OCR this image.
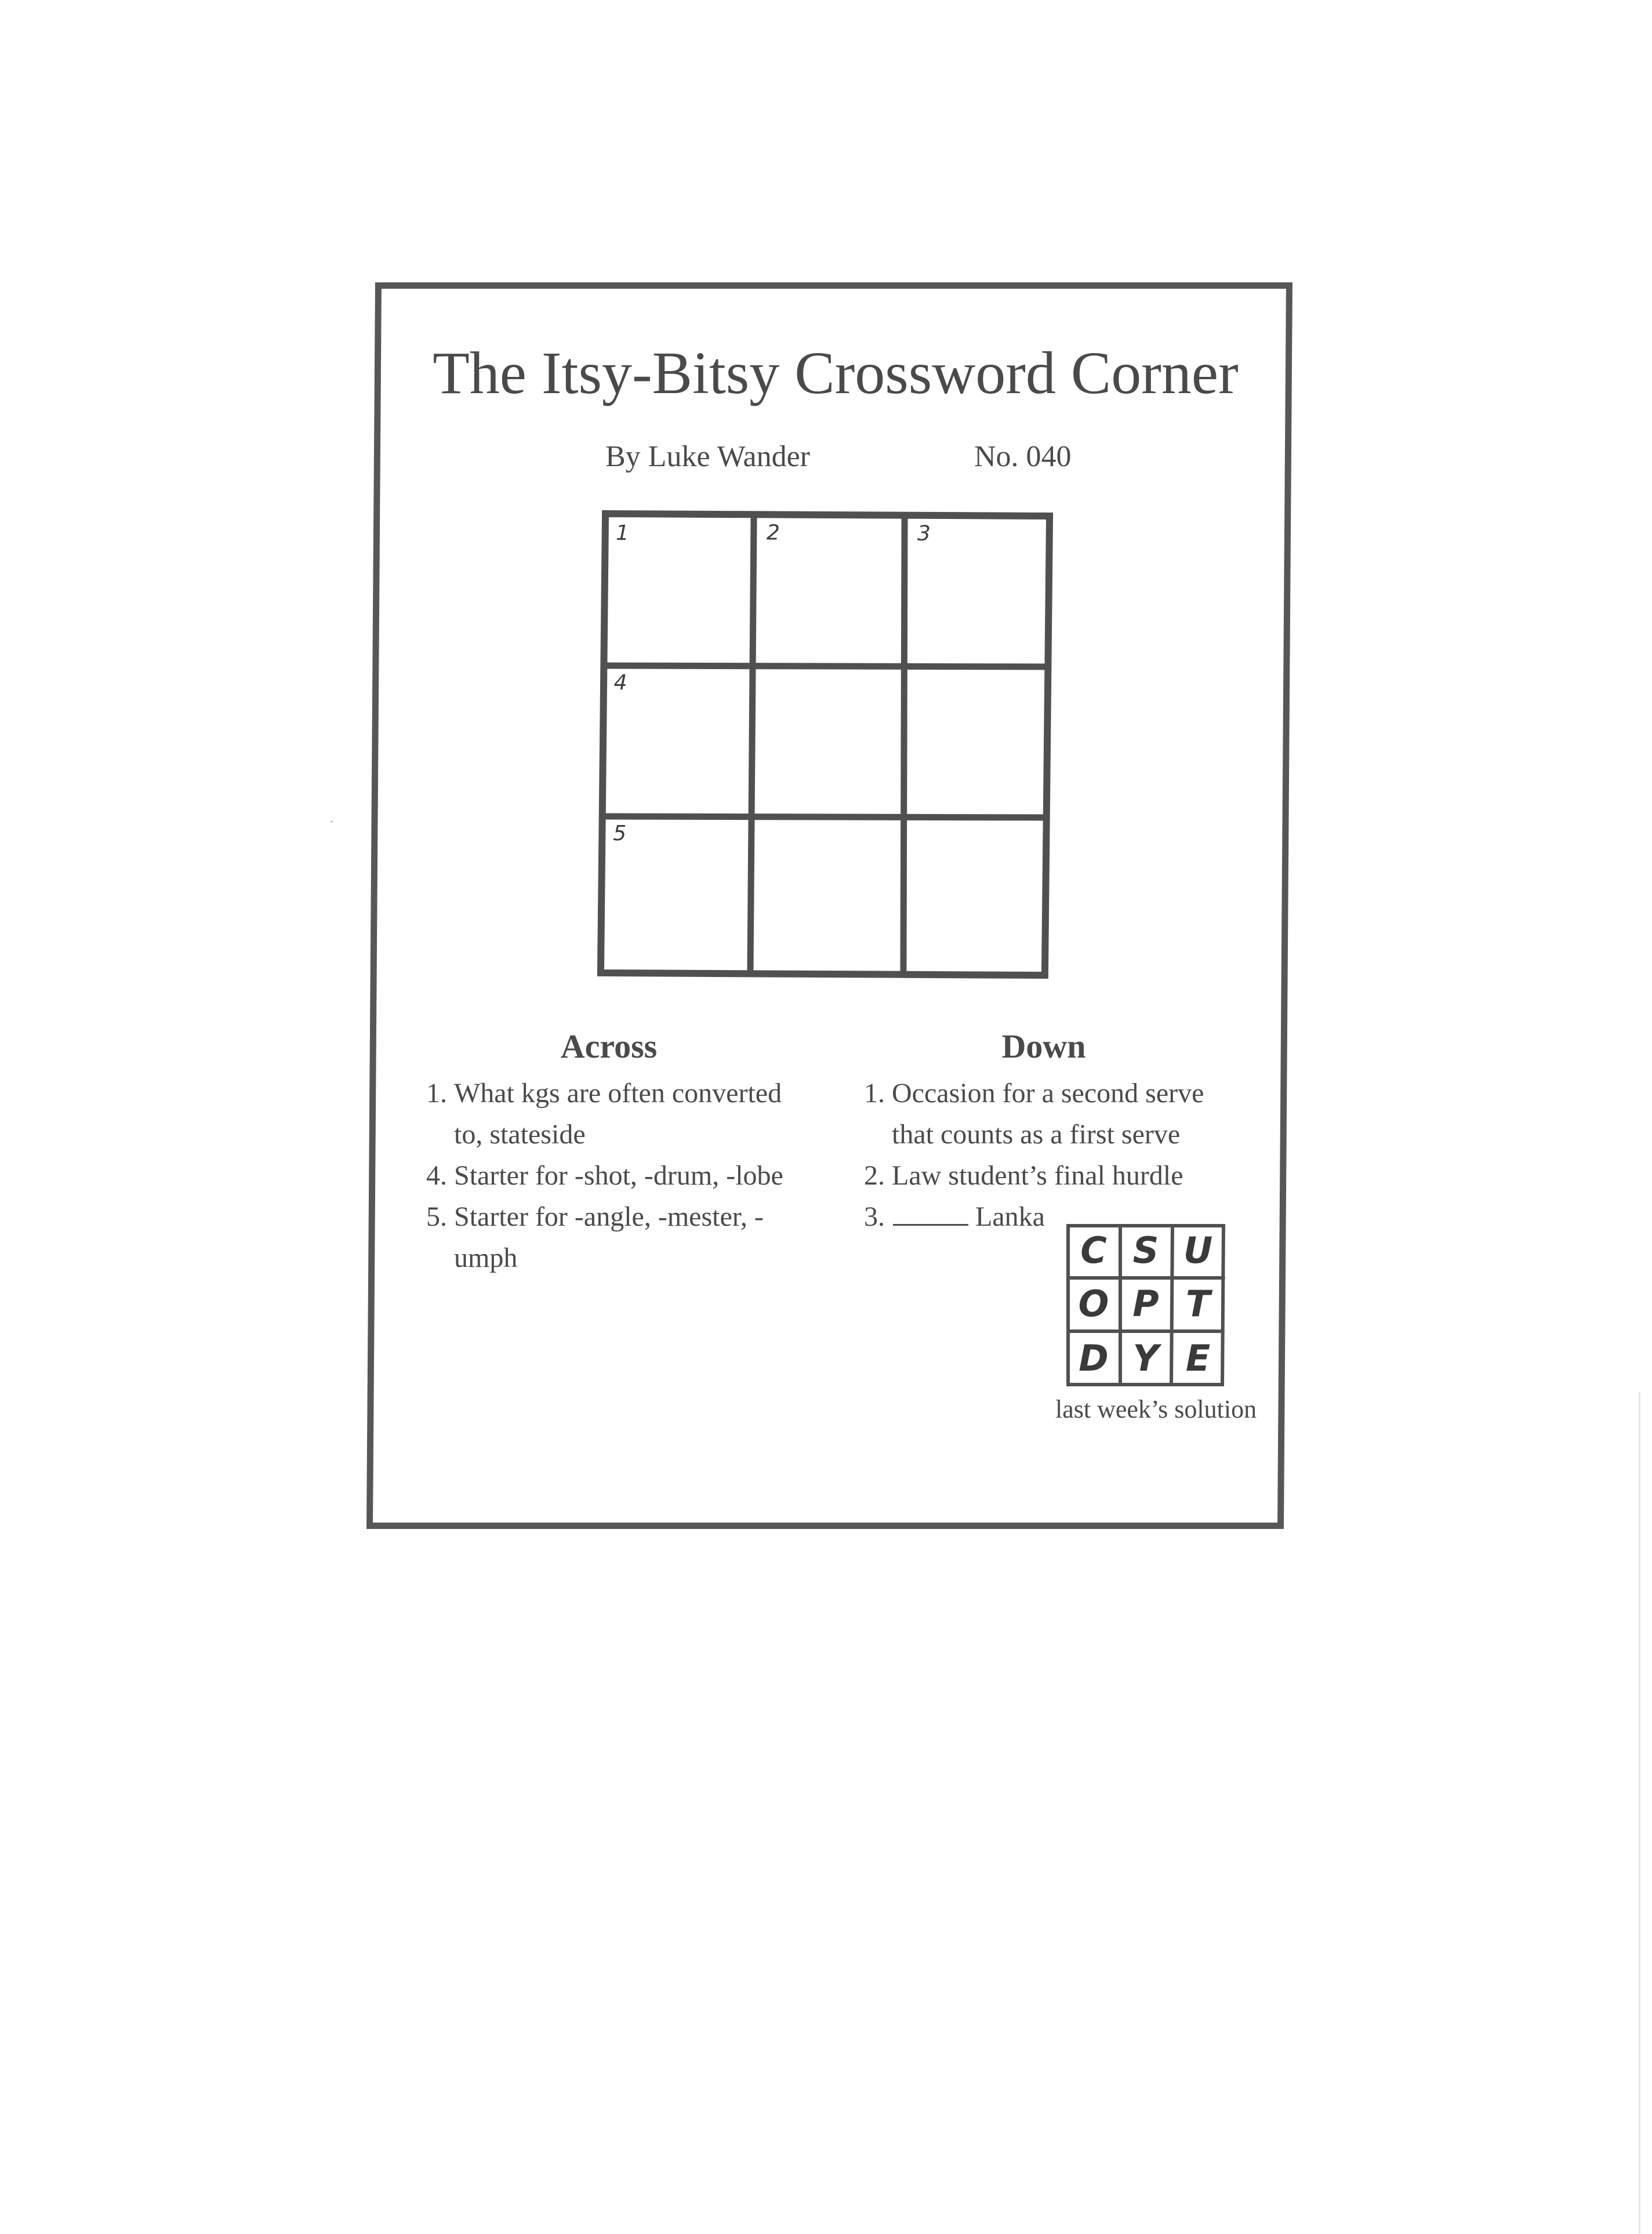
The Itsy-Bitsy Crossword Corner
By Luke Wander	No. 040
1	2	3
4
5
Across	Down
1. What kgs are often converted to, stateside
4. Starter for -shot, -drum, -lobe
5. Starter for -angle, -mester, -umph
1. Occasion for a second serve that counts as a first serve
2. Law student’s final hurdle
3.	Lanka
C S U
O P T
D Y E
last week’s solution
